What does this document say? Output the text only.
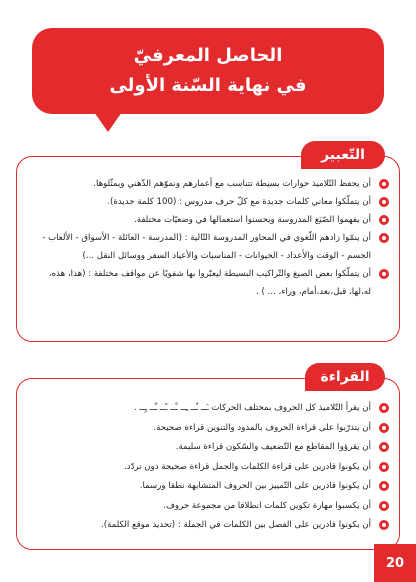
الحاصل المعرفيّ
في نهاية السّنة الأولى
التّعبير
أن يحفظ التّلاميذ حوارات بسيطة تتناسب مع أعمارهم ونموّهم الذّهني ويمثّلوها.
أن يتملّكوا معاني كلمات جديدة مع كلّ حرف مدروس : (100 كلمة جديدة).
أن يفهموا الصّيَغ المدروسة ويحسنوا استعمالها في وضعيّات مختلفة.
أن ينمّوا زادهم اللّغوي في المحاور المدروسة التّالية : (المدرسة - العائلة - الأسواق - الألعاب - الجسم - الوقت والأعداد - الحيوانات - المناسبات والأعياد السفر ووسائل النقل ...)
أن يتملّكوا بعض الصيغ والتّراكيب البسيطة ليعبّروا بها شفويًا عن مواقف مختلفة : (هذا، هذه، له،لها، قبل،بعد،أمام، وراء، ... ) .
القراءة
أن يقرأ التّلاميذ كل الحروف بمختلف الحركات ـَــ ـُــ ـِــ ـْــ ـًــ ـٌــ ـٍــ .
أن يتدرّبوا على قراءة الحروف بالمدود والتنوين قراءة صحيحة.
أن يقرؤوا المقاطع مع التّضعيف والسّكون قراءة سليمة.
أن يكونوا قادرين على قراءة الكلمات والجمل قراءة صحيحة دون تردّد.
أن يكونوا قادرين على التّمييز بين الحروف المتشابهة نطقا ورسما.
أن يكسبوا مهارة تكوين كلمات انطلاقا من مجموعة حروف.
أن يكونوا قادرين على الفصل بين الكلمات في الجملة : (تحديد موقع الكلمة).
20
